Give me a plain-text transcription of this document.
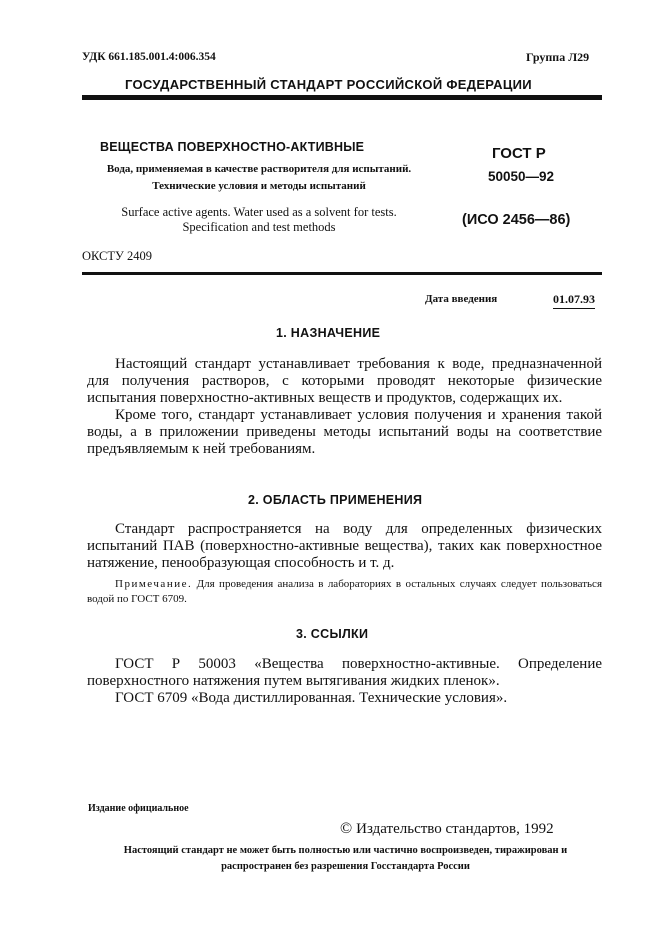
УДК 661.185.001.4:006.354	Группа Л29
ГОСУДАРСТВЕННЫЙ СТАНДАРТ РОССИЙСКОЙ ФЕДЕРАЦИИ
ВЕЩЕСТВА ПОВЕРХНОСТНО-АКТИВНЫЕ
Вода, применяемая в качестве растворителя для испытаний. Технические условия и методы испытаний
Surface active agents. Water used as a solvent for tests. Specification and test methods
ГОСТ Р
50050—92
(ИСО 2456—86)
ОКСТУ 2409
Дата введения	01.07.93
1. НАЗНАЧЕНИЕ

Настоящий стандарт устанавливает требования к воде, предназначенной для получения растворов, с которыми проводят некоторые физические испытания поверхностно-активных веществ и продуктов, содержащих их.

Кроме того, стандарт устанавливает условия получения и хранения такой воды, а в приложении приведены методы испытаний воды на соответствие предъявляемым к ней требованиям.

2. ОБЛАСТЬ ПРИМЕНЕНИЯ

Стандарт распространяется на воду для определенных физических испытаний ПАВ (поверхностно-активные вещества), таких как поверхностное натяжение, пенообразующая способность и т. д.

Примечание. Для проведения анализа в лабораториях в остальных случаях следует пользоваться водой по ГОСТ 6709.
3. ССЫЛКИ

ГОСТ Р 50003 «Вещества поверхностно-активные. Определение поверхностного натяжения путем вытягивания жидких пленок».

ГОСТ 6709 «Вода дистиллированная. Технические условия».

Издание официальное
© Издательство стандартов, 1992
Настоящий стандарт не может быть полностью или частично воспроизведен, тиражирован и распространен без разрешения Госстандарта России
